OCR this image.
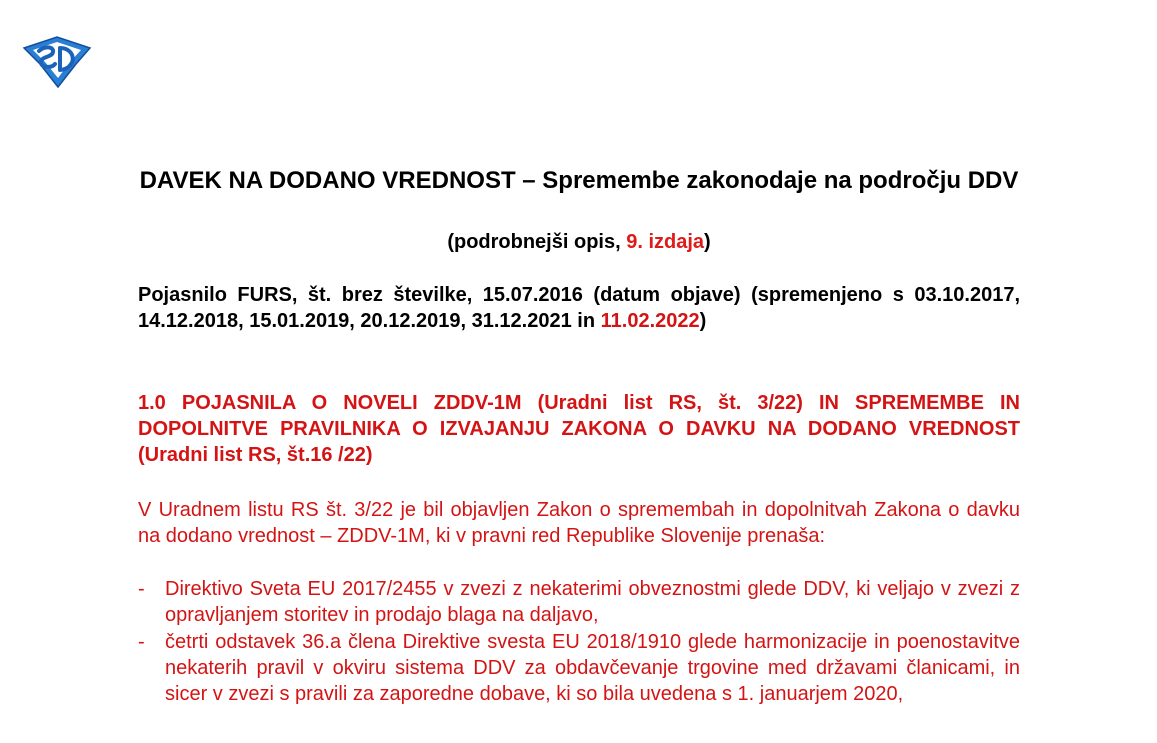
DAVEK NA DODANO VREDNOST – Spremembe zakonodaje na področju DDV
(podrobnejši opis, 9. izdaja)
Pojasnilo FURS, št. brez številke, 15.07.2016 (datum objave) (spremenjeno s 03.10.2017, 14.12.2018, 15.01.2019, 20.12.2019, 31.12.2021 in 11.02.2022)
1.0 POJASNILA O NOVELI ZDDV-1M (Uradni list RS, št. 3/22) IN SPREMEMBE IN DOPOLNITVE PRAVILNIKA O IZVAJANJU ZAKONA O DAVKU NA DODANO VREDNOST (Uradni list RS, št.16 /22)
V Uradnem listu RS št. 3/22 je bil objavljen Zakon o spremembah in dopolnitvah Zakona o davku na dodano vrednost – ZDDV-1M, ki v pravni red Republike Slovenije prenaša:
- Direktivo Sveta EU 2017/2455 v zvezi z nekaterimi obveznostmi glede DDV, ki veljajo v zvezi z opravljanjem storitev in prodajo blaga na daljavo,
- četrti odstavek 36.a člena Direktive svesta EU 2018/1910 glede harmonizacije in poenostavitve nekaterih pravil v okviru sistema DDV za obdavčevanje trgovine med državami članicami, in sicer v zvezi s pravili za zaporedne dobave, ki so bila uvedena s 1. januarjem 2020,
